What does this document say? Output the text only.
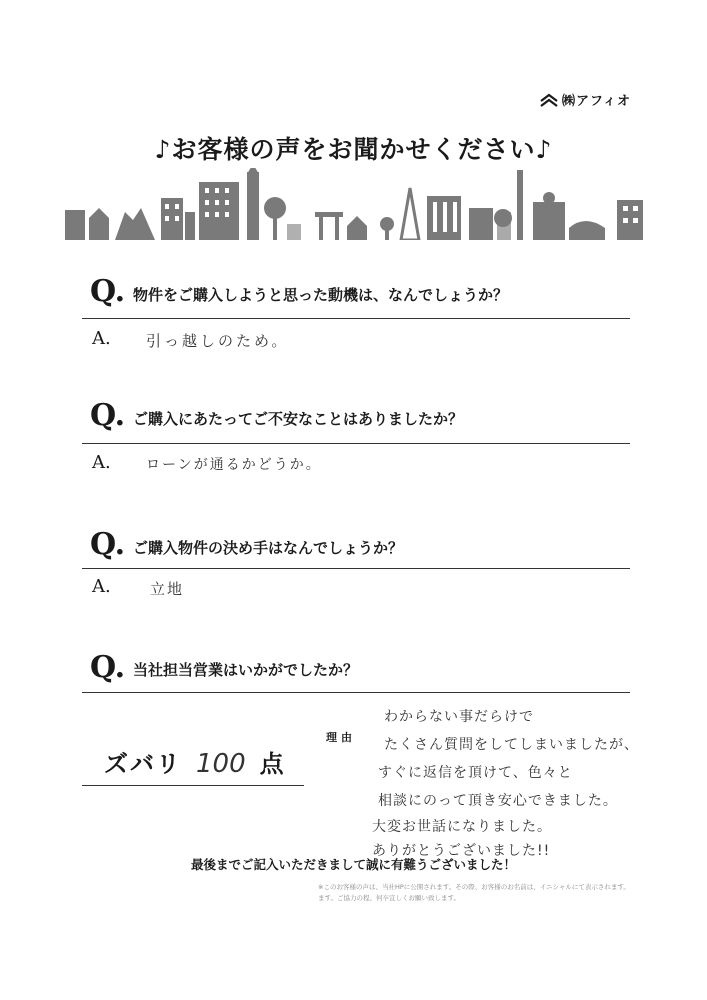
㈱アフィオ
♪お客様の声をお聞かせください♪
Q. 物件をご購入しようと思った動機は、なんでしょうか？
A. 引っ越しのため。
Q. ご購入にあたってご不安なことはありましたか？
A.	ローンが通るかどうか。
Q. ご購入物件の決め手はなんでしょうか？
A.	立地
Q. 当社担当営業はいかがでしたか？
ズバリ 100 点
理由
わからない事だらけで
たくさん質問をしてしまいましたが、
すぐに返信を頂けて、色々と
相談にのって頂き安心できました。
大変お世話になりました。
ありがとうございました!!
最後までご記入いただきまして誠に有難うございました！
※このお客様の声は、当社HPに公開されます。その際、お客様のお名前は、イニシャルにて表示されます。
ます。ご協力の程、何卒宜しくお願い致します。
